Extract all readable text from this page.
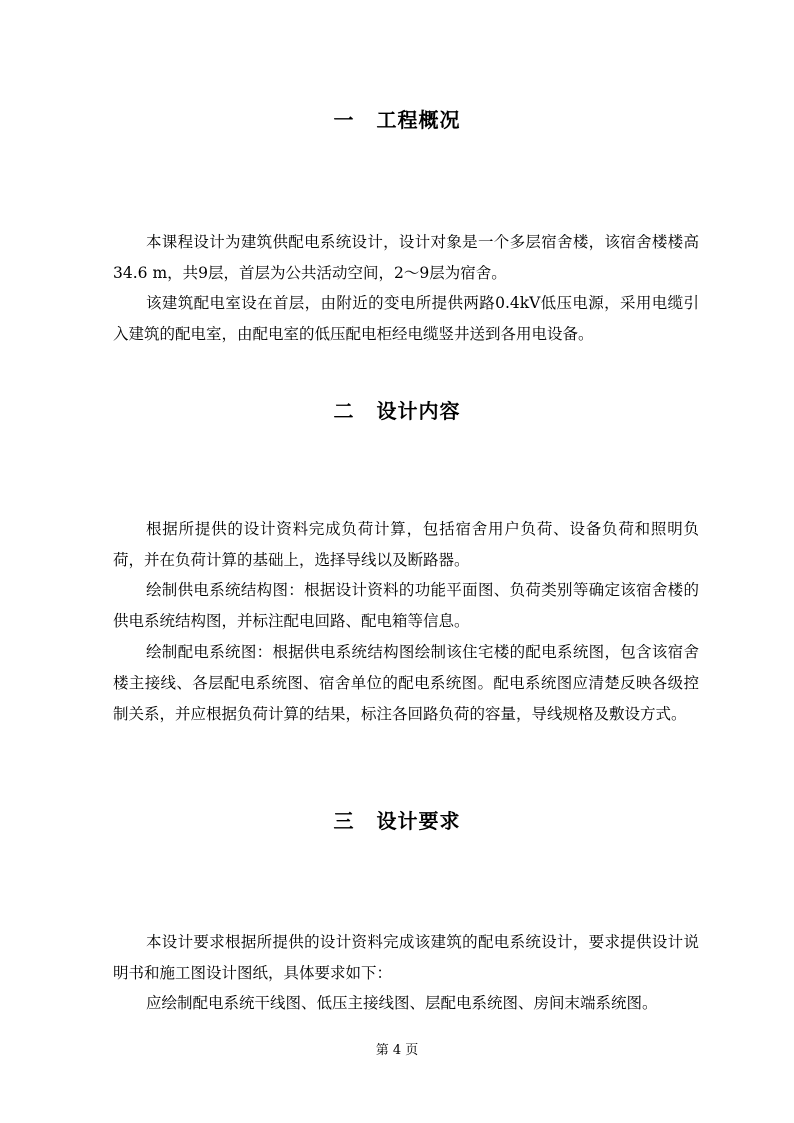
一 工程概况
本课程设计为建筑供配电系统设计，设计对象是一个多层宿舍楼，该宿舍楼楼高34.6 m，共9层，首层为公共活动空间，2～9层为宿舍。
该建筑配电室设在首层，由附近的变电所提供两路0.4kV低压电源，采用电缆引入建筑的配电室，由配电室的低压配电柜经电缆竖井送到各用电设备。
二 设计内容
根据所提供的设计资料完成负荷计算，包括宿舍用户负荷、设备负荷和照明负荷，并在负荷计算的基础上，选择导线以及断路器。
绘制供电系统结构图：根据设计资料的功能平面图、负荷类别等确定该宿舍楼的供电系统结构图，并标注配电回路、配电箱等信息。
绘制配电系统图：根据供电系统结构图绘制该住宅楼的配电系统图，包含该宿舍楼主接线、各层配电系统图、宿舍单位的配电系统图。配电系统图应清楚反映各级控制关系，并应根据负荷计算的结果，标注各回路负荷的容量，导线规格及敷设方式。
三 设计要求
本设计要求根据所提供的设计资料完成该建筑的配电系统设计，要求提供设计说明书和施工图设计图纸，具体要求如下：
应绘制配电系统干线图、低压主接线图、层配电系统图、房间末端系统图。
第 4 页
